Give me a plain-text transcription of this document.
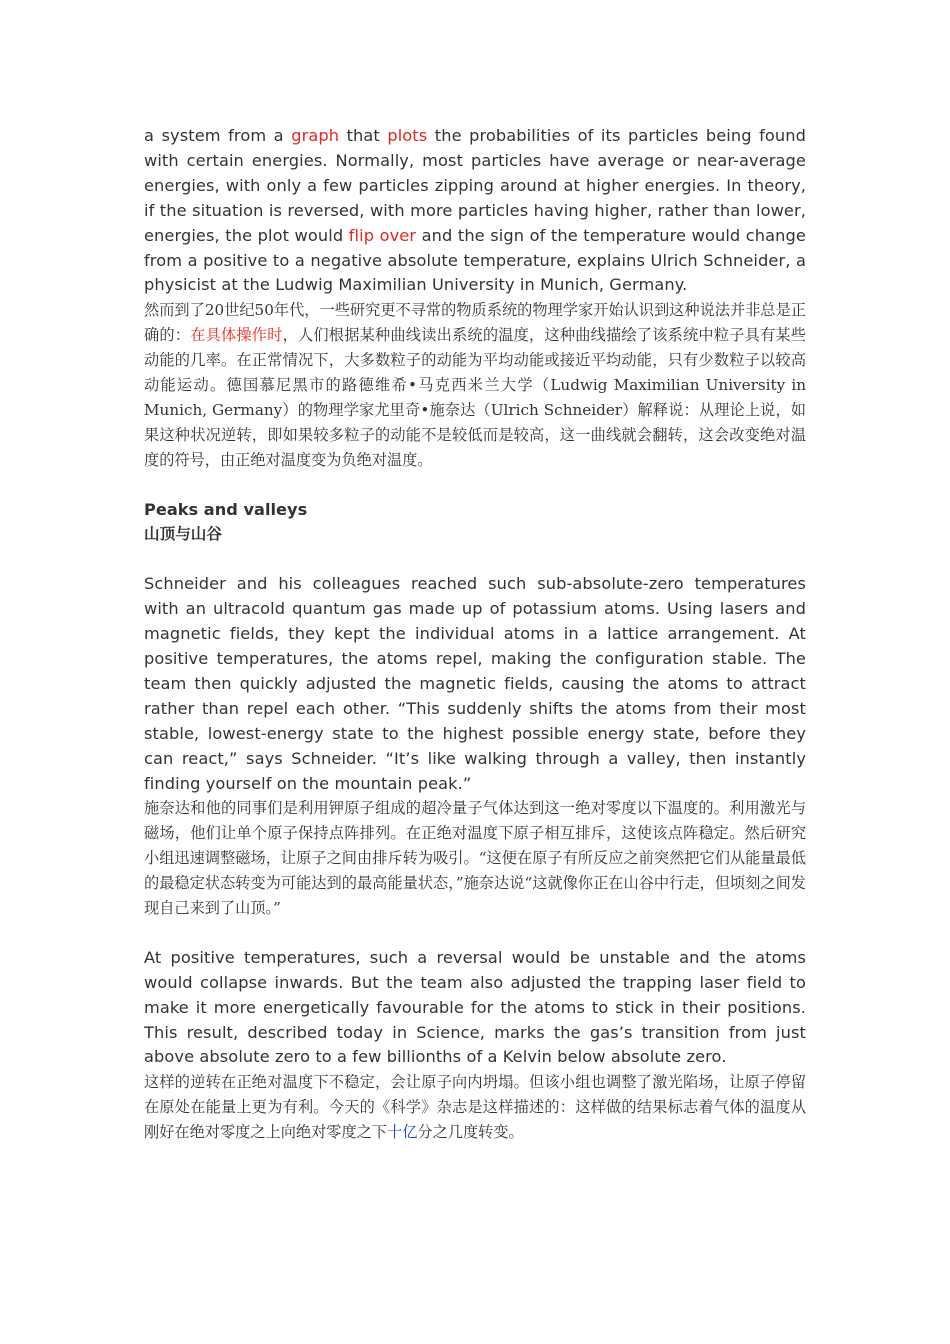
a system from a graph that plots the probabilities of its particles being found with certain energies. Normally, most particles have average or near-average energies, with only a few particles zipping around at higher energies. In theory, if the situation is reversed, with more particles having higher, rather than lower, energies, the plot would flip over and the sign of the temperature would change from a positive to a negative absolute temperature, explains Ulrich Schneider, a physicist at the Ludwig Maximilian University in Munich, Germany.

然而到了20世纪50年代，一些研究更不寻常的物质系统的物理学家开始认识到这种说法并非总是正确的：在具体操作时，人们根据某种曲线读出系统的温度，这种曲线描绘了该系统中粒子具有某些动能的几率。在正常情况下，大多数粒子的动能为平均动能或接近平均动能，只有少数粒子以较高动能运动。德国慕尼黑市的路德维希•马克西米兰大学（Ludwig Maximilian University in Munich, Germany）的物理学家尤里奇•施奈达（Ulrich Schneider）解释说：从理论上说，如果这种状况逆转，即如果较多粒子的动能不是较低而是较高，这一曲线就会翻转，这会改变绝对温度的符号，由正绝对温度变为负绝对温度。

Peaks and valleys

山顶与山谷

Schneider and his colleagues reached such sub-absolute-zero temperatures with an ultracold quantum gas made up of potassium atoms. Using lasers and magnetic fields, they kept the individual atoms in a lattice arrangement. At positive temperatures, the atoms repel, making the configuration stable. The team then quickly adjusted the magnetic fields, causing the atoms to attract rather than repel each other. “This suddenly shifts the atoms from their most stable, lowest-energy state to the highest possible energy state, before they can react,” says Schneider. “It’s like walking through a valley, then instantly finding yourself on the mountain peak.”

施奈达和他的同事们是利用钾原子组成的超冷量子气体达到这一绝对零度以下温度的。利用激光与磁场，他们让单个原子保持点阵排列。在正绝对温度下原子相互排斥，这使该点阵稳定。然后研究小组迅速调整磁场，让原子之间由排斥转为吸引。“这便在原子有所反应之前突然把它们从能量最低的最稳定状态转变为可能达到的最高能量状态，”施奈达说“这就像你正在山谷中行走，但顷刻之间发现自己来到了山顶。”

At positive temperatures, such a reversal would be unstable and the atoms would collapse inwards. But the team also adjusted the trapping laser field to make it more energetically favourable for the atoms to stick in their positions. This result, described today in Science, marks the gas’s transition from just above absolute zero to a few billionths of a Kelvin below absolute zero.

这样的逆转在正绝对温度下不稳定，会让原子向内坍塌。但该小组也调整了激光陷场，让原子停留在原处在能量上更为有利。今天的《科学》杂志是这样描述的：这样做的结果标志着气体的温度从刚好在绝对零度之上向绝对零度之下十亿分之几度转变。
